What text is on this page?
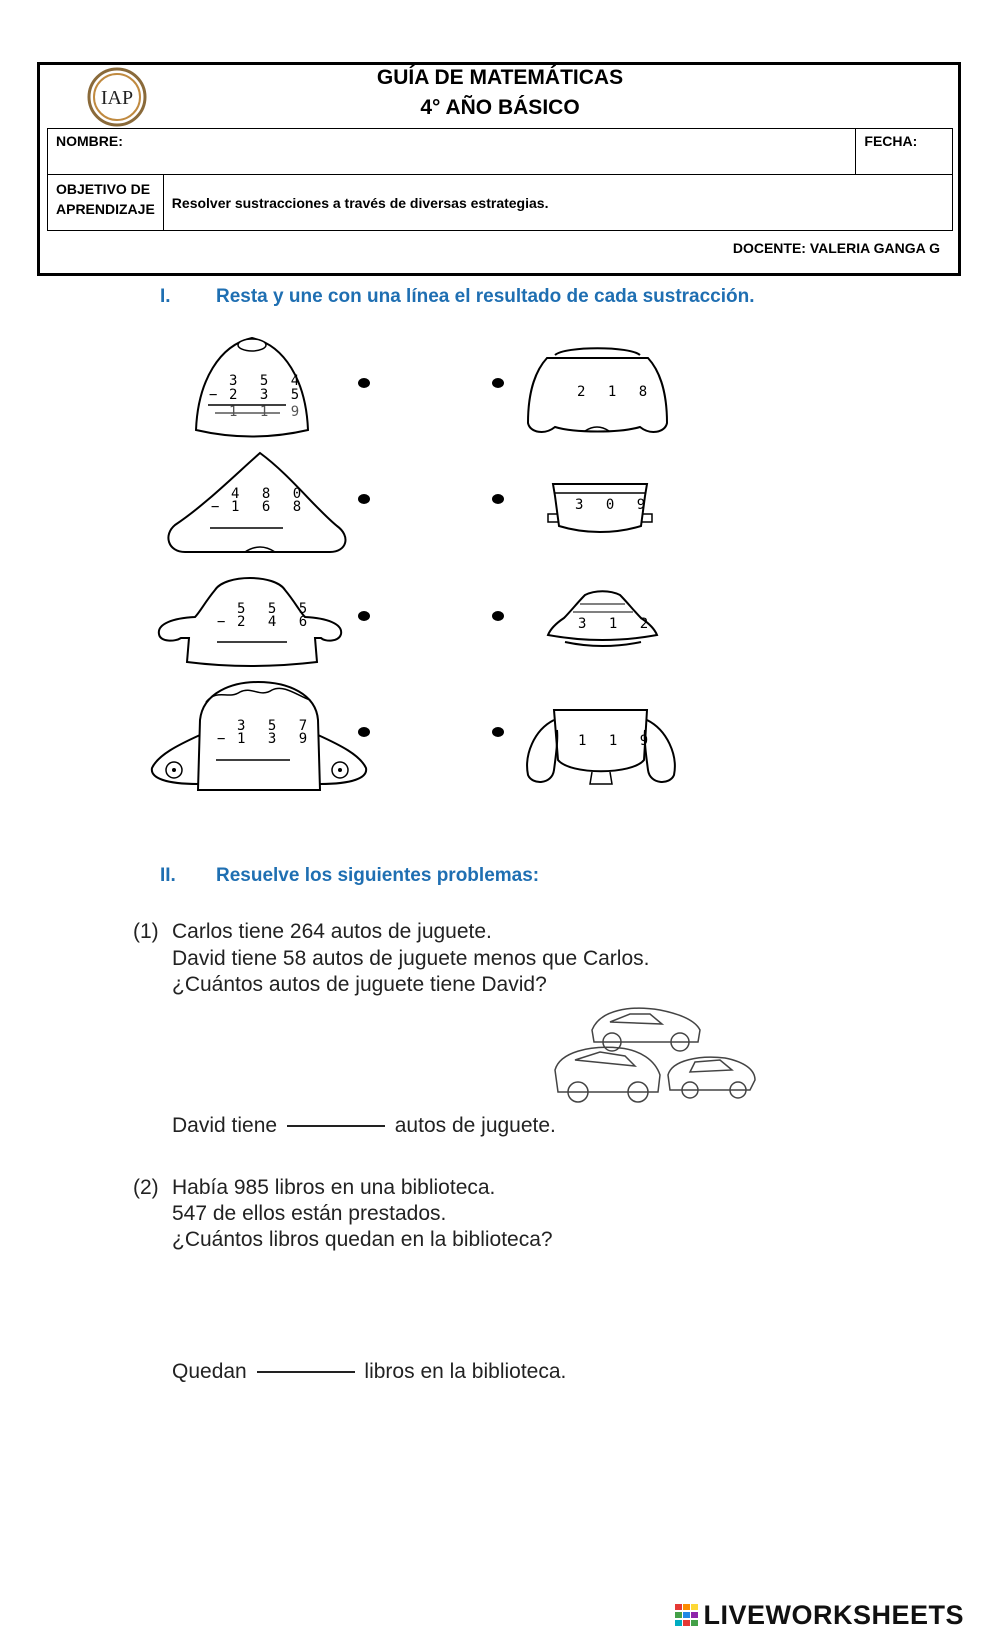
IAP
GUÍA DE MATEMÁTICAS
4° AÑO BÁSICO
NOMBRE:		FECHA:
OBJETIVO DE
APRENDIZAJE	Resolver sustracciones a través de diversas estrategias.	
DOCENTE: VALERIA GANGA G
I. Resta y une con una línea el resultado de cada sustracción.
3 5 4
− 2 3 5
1 1 9
4 8 0
− 1 6 8
5 5 5
− 2 4 6
3 5 7
− 1 3 9
2 1 8
3 0 9
3 1 2
1 1 9
II. Resuelve los siguientes problemas:
(1) Carlos tiene 264 autos de juguete.
David tiene 58 autos de juguete menos que Carlos.
¿Cuántos autos de juguete tiene David?
David tiene	autos de juguete.
(2) Había 985 libros en una biblioteca.
547 de ellos están prestados.
¿Cuántos libros quedan en la biblioteca?
Quedan	libros en la biblioteca.
LIVEWORKSHEETS
